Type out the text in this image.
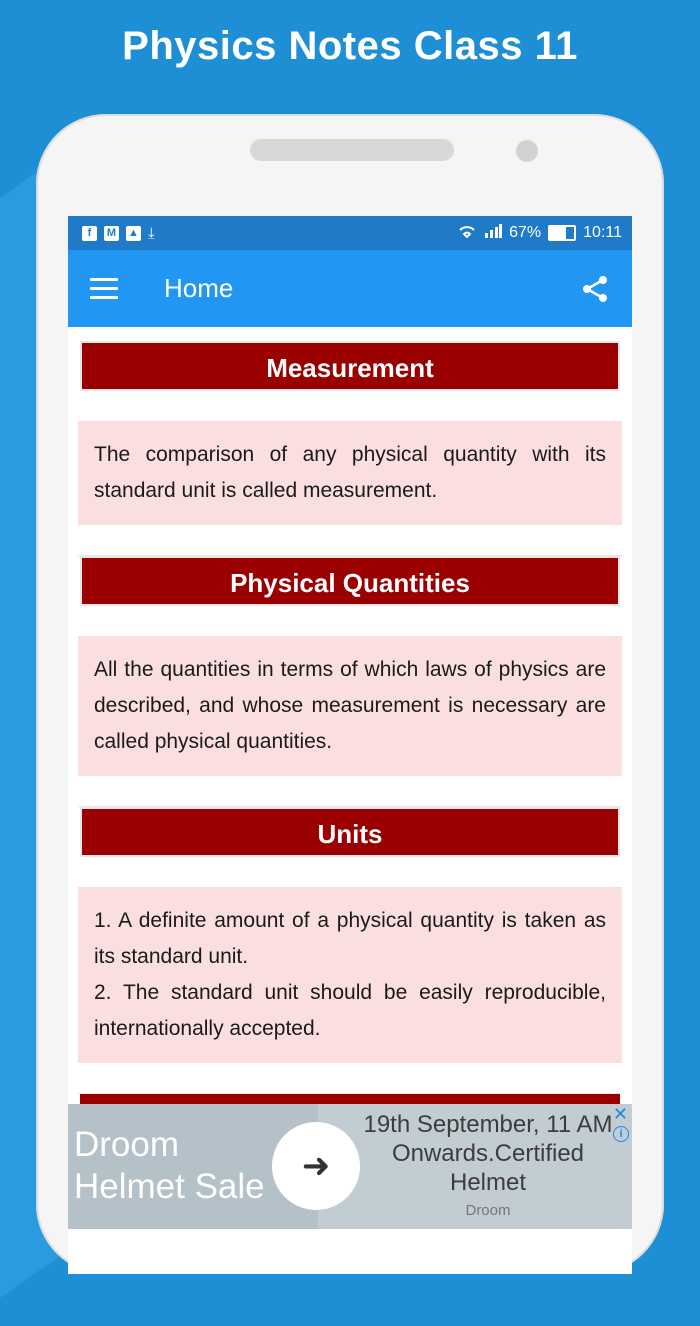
Physics Notes Class 11
f	M ▲ ⤓	67%	10:11
Home
Measurement

The comparison of any physical quantity with its standard unit is called measurement.

Physical Quantities

All the quantities in terms of which laws of physics are described, and whose measurement is necessary are called physical quantities.

Units

1. A definite amount of a physical quantity is taken as its standard unit.

2. The standard unit should be easily reproducible, internationally accepted.

Droom Helmet Sale
➜
19th September, 11 AM Onwards.Certified Helmet
Droom
✕
i
